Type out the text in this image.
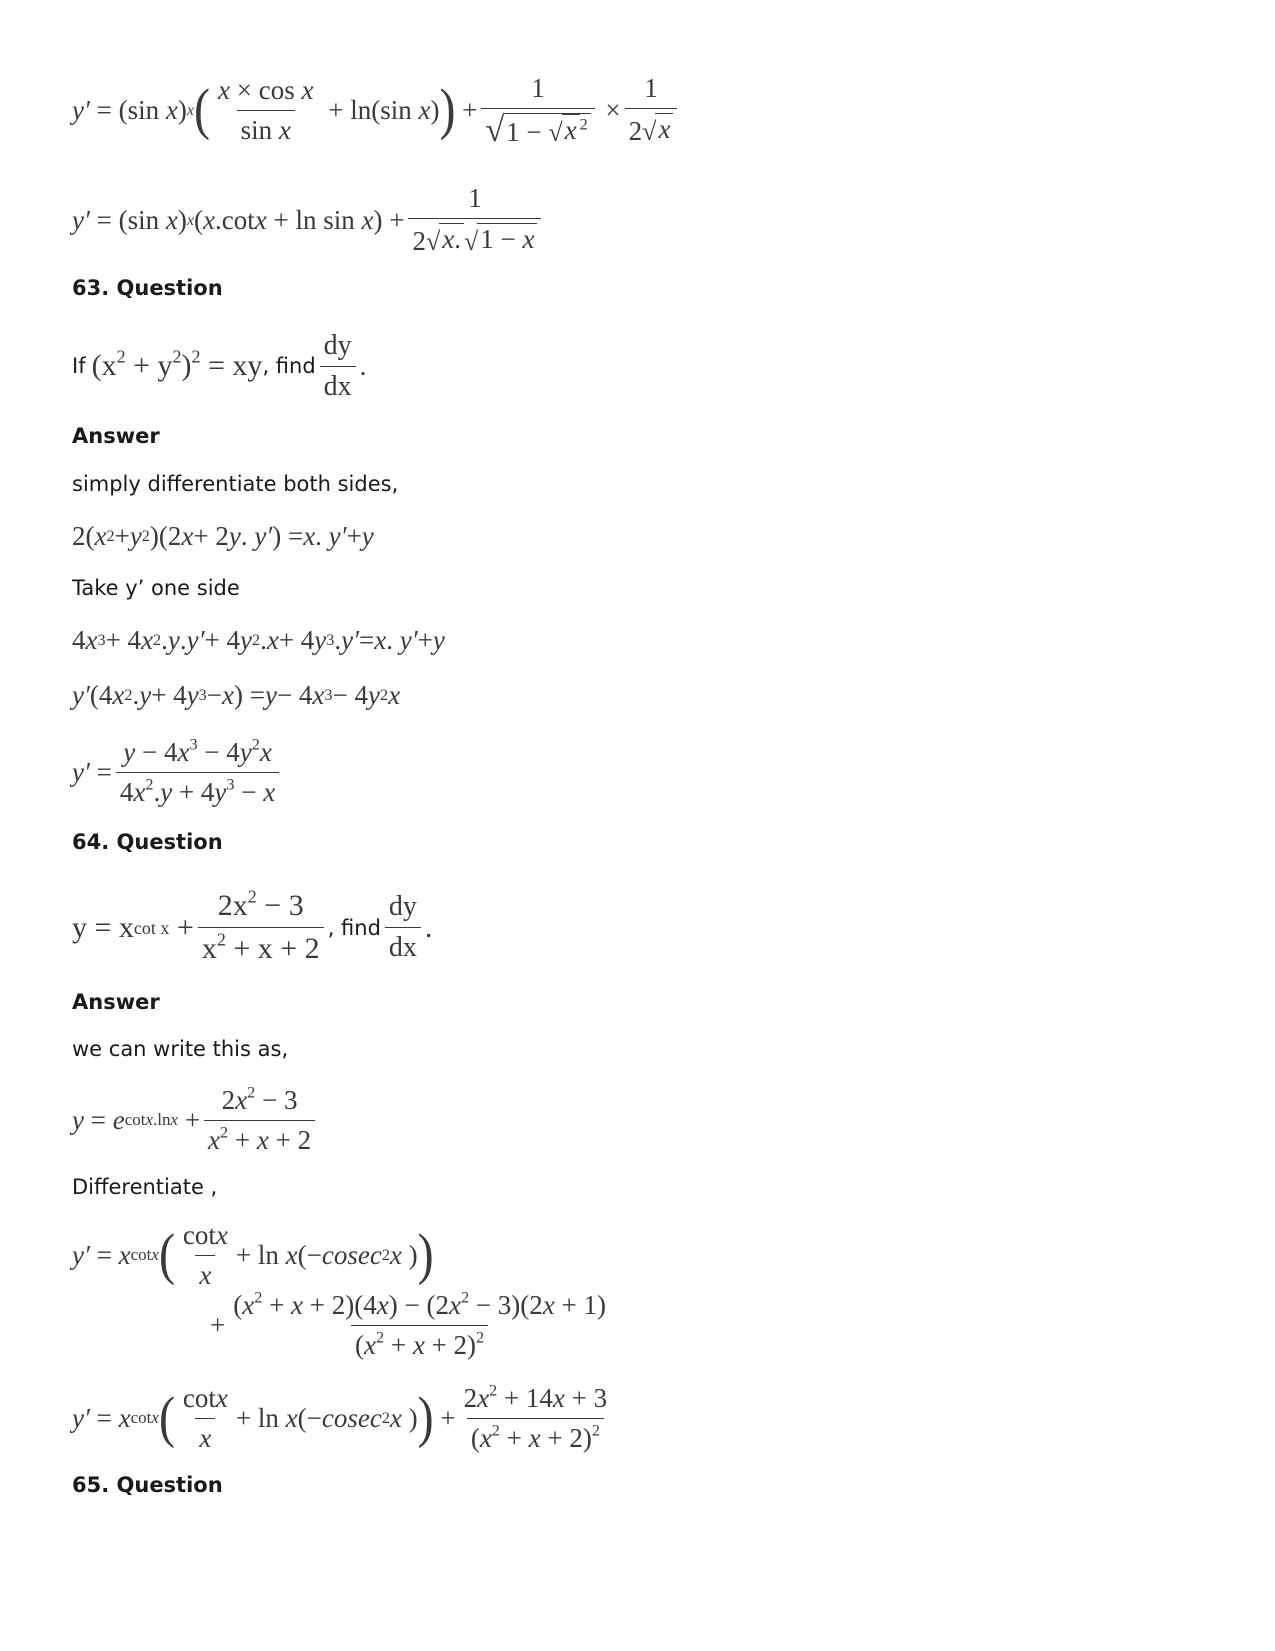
y′ = (sin x ) x ( $\frac{\text{x × cos x}}{\text{sin x}} + \ln(\sin$ x ) ) + $\frac{1}{√ 1 - √ x ^2} \times \frac{1}{2 √ x}$
y′ = (sin x ) x ( x .cot x + ln sin x ) + $\frac{1}{2 √ x. √ 1 - x}$
63. Question
If $(x^2 + y^2)^2$ = xy , find $\frac{dy}{dx}$ .
Answer
simply differentiate both sides,
2( x 2 + y 2 )(2 x + 2 y . y′ ) = x . y′ + y
Take y’ one side
4 x 3 + 4 x 2 . y . y′ + 4 y 2 . x + 4 y 3 . y′ = x . y′ + y
y′ (4 x 2 . y + 4 y 3 − x ) = y − 4 x 3 − 4 y 2 x
$y' = \frac{y - 4x^3 - 4y^2x}{4x^2.y + 4y^3 - x}$
64. Question
y = x $\cot x + \frac{2x^2 - 3}{x^2 + x + 2}$ , find $\frac{dy}{dx}$ .
Answer
we can write this as,
y = e $\cot x.\ln x + \frac{2x^2 - 3}{x^2 + x + 2}$
Differentiate ,
y′ = x cotx ( $\frac{\cot x}{x} + \ln x$ (− cosec 2 x ) )
+ $\frac{(x^2 + x + 2)(4x) - (2x^2 - 3)(2x + 1)}{(x^2 + x + 2)^2}$
y′ = x cotx ( $\frac{\cot x}{x} + \ln x$ (− cosec 2 x ) ) + $\frac{2x^2 + 14x + 3}{(x^2 + x + 2)^2}$
65. Question
